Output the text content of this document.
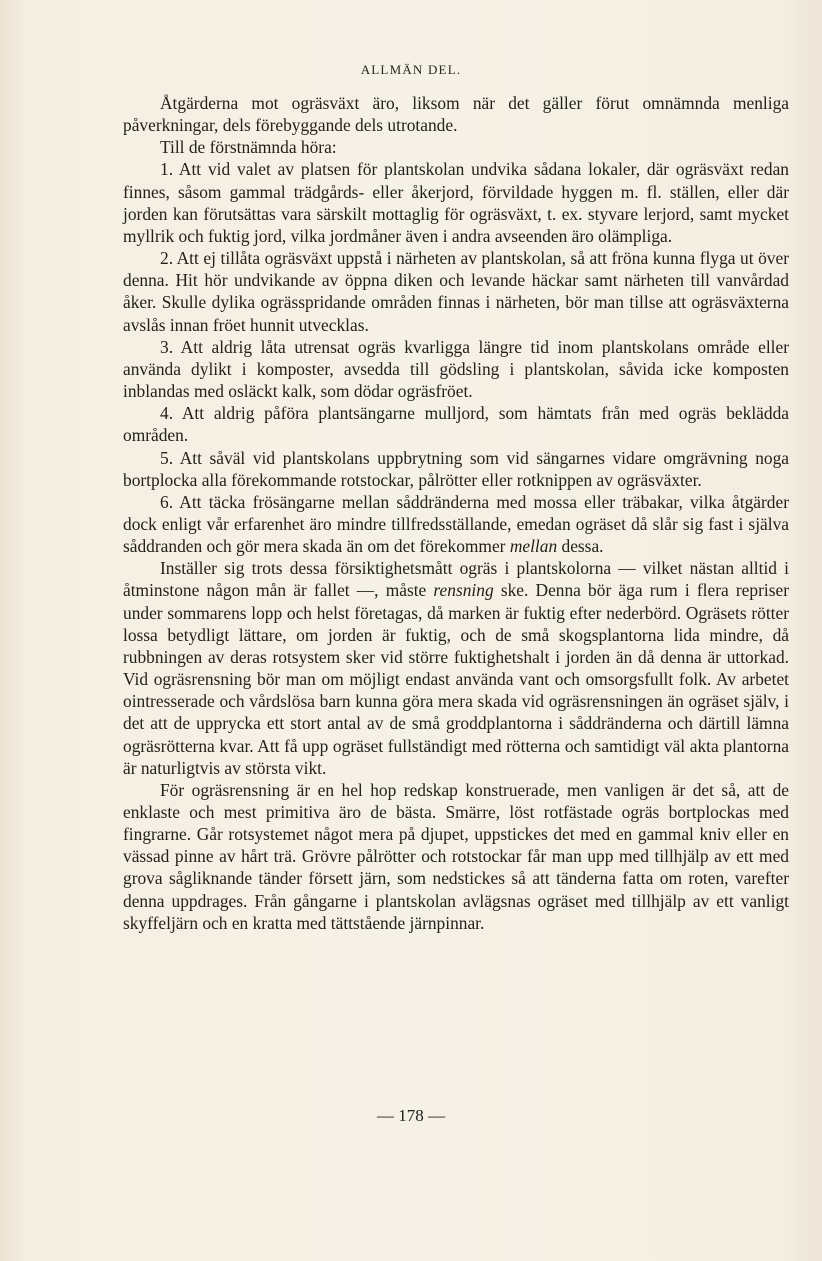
ALLMÄN DEL.

Åtgärderna mot ogräsväxt äro, liksom när det gäller förut omnämnda menliga påverkningar, dels förebyggande dels utrotande.

Till de förstnämnda höra:

1. Att vid valet av platsen för plantskolan undvika sådana lokaler, där ogräsväxt redan finnes, såsom gammal trädgårds- eller åkerjord, förvildade hyggen m. fl. ställen, eller där jorden kan förutsättas vara särskilt mottaglig för ogräsväxt, t. ex. styvare lerjord, samt mycket myllrik och fuktig jord, vilka jordmåner även i andra avseenden äro olämpliga.

2. Att ej tillåta ogräsväxt uppstå i närheten av plantskolan, så att fröna kunna flyga ut över denna. Hit hör undvikande av öppna diken och levande häckar samt närheten till vanvårdad åker. Skulle dylika ogrässpridande områden finnas i närheten, bör man tillse att ogräsväxterna avslås innan fröet hunnit utvecklas.

3. Att aldrig låta utrensat ogräs kvarligga längre tid inom plantskolans område eller använda dylikt i komposter, avsedda till gödsling i plantskolan, såvida icke komposten inblandas med osläckt kalk, som dödar ogräsfröet.

4. Att aldrig påföra plantsängarne mulljord, som hämtats från med ogräs beklädda områden.

5. Att såväl vid plantskolans uppbrytning som vid sängarnes vidare omgrävning noga bortplocka alla förekommande rotstockar, pålrötter eller rotknippen av ogräsväxter.

6. Att täcka frösängarne mellan såddränderna med mossa eller träbakar, vilka åtgärder dock enligt vår erfarenhet äro mindre tillfredsställande, emedan ogräset då slår sig fast i själva såddranden och gör mera skada än om det förekommer mellan dessa.

Inställer sig trots dessa försiktighetsmått ogräs i plantskolorna — vilket nästan alltid i åtminstone någon mån är fallet —, måste rensning ske. Denna bör äga rum i flera repriser under sommarens lopp och helst företagas, då marken är fuktig efter nederbörd. Ogräsets rötter lossa betydligt lättare, om jorden är fuktig, och de små skogsplantorna lida mindre, då rubbningen av deras rotsystem sker vid större fuktighetshalt i jorden än då denna är uttorkad. Vid ogräsrensning bör man om möjligt endast använda vant och omsorgsfullt folk. Av arbetet ointresserade och vårdslösa barn kunna göra mera skada vid ogräsrensningen än ogräset själv, i det att de upprycka ett stort antal av de små groddplantorna i såddränderna och därtill lämna ogräsrötterna kvar. Att få upp ogräset fullständigt med rötterna och samtidigt väl akta plantorna är naturligtvis av största vikt.

För ogräsrensning är en hel hop redskap konstruerade, men vanligen är det så, att de enklaste och mest primitiva äro de bästa. Smärre, löst rotfästade ogräs bortplockas med fingrarne. Går rotsystemet något mera på djupet, uppstickes det med en gammal kniv eller en vässad pinne av hårt trä. Grövre pålrötter och rotstockar får man upp med tillhjälp av ett med grova sågliknande tänder försett järn, som nedstickes så att tänderna fatta om roten, varefter denna uppdrages. Från gångarne i plantskolan avlägsnas ogräset med tillhjälp av ett vanligt skyffeljärn och en kratta med tättstående järnpinnar.

— 178 —
